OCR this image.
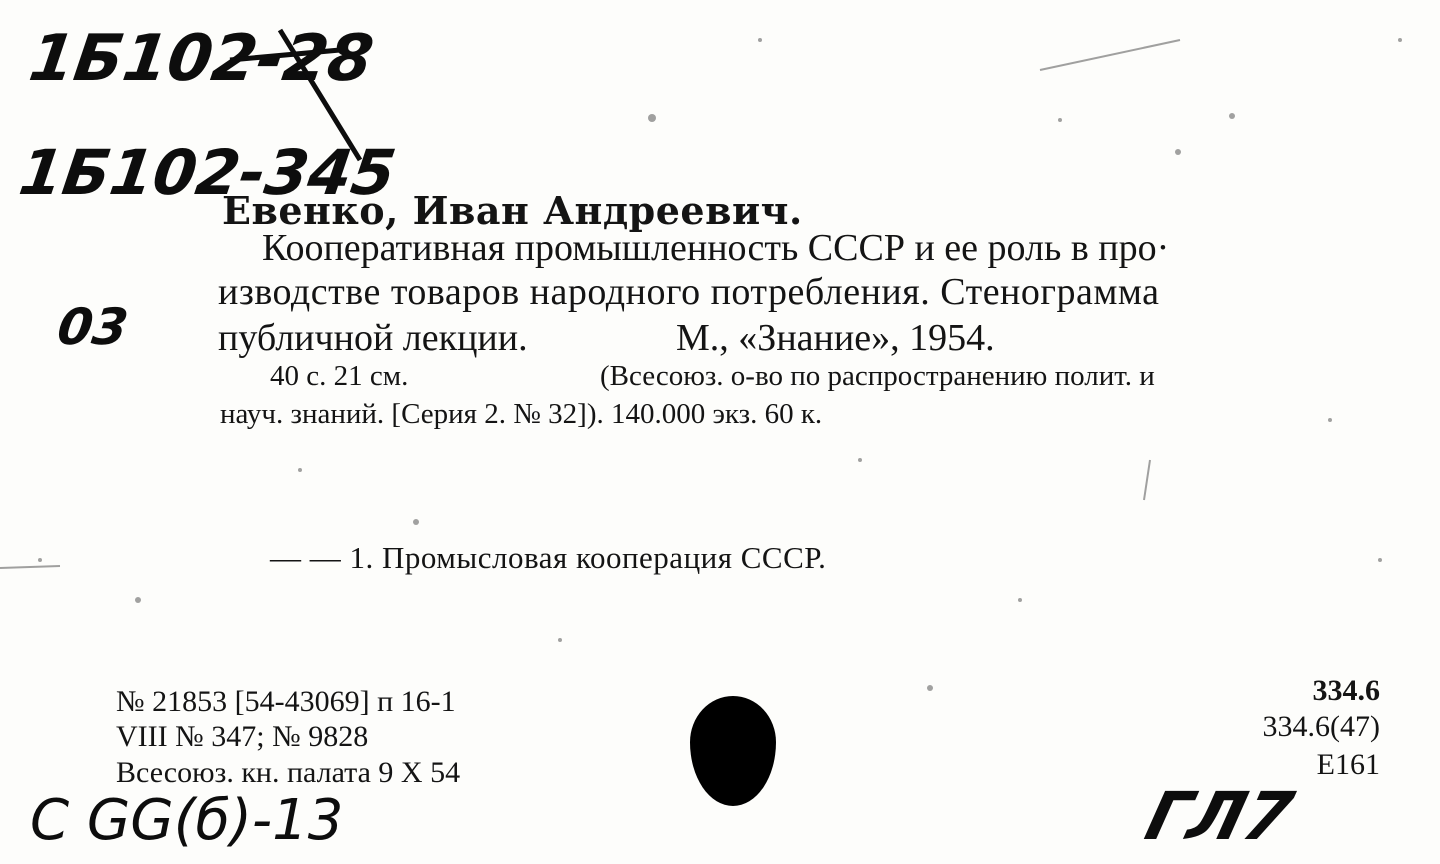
Евенко, Иван Андреевич.
Кооперативная промышленность СССР и ее роль в про·
изводстве товаров народного потребления. Стенограмма
публичной лекции.	М., «Знание», 1954.
40 с. 21 см.	(Всесоюз. о-во по распространению полит. и
науч. знаний. [Серия 2. № 32]). 140.000 экз. 60 к.
— — 1. Промысловая кооперация СССР.
№ 21853 [54-43069] п 16-1
VIII № 347; № 9828
Всесоюз. кн. палата 9 Х 54
334.6
334.6(47)
Е161
1Б102-28
1Б102-345
03
С GG(б)-13	ГЛ7
